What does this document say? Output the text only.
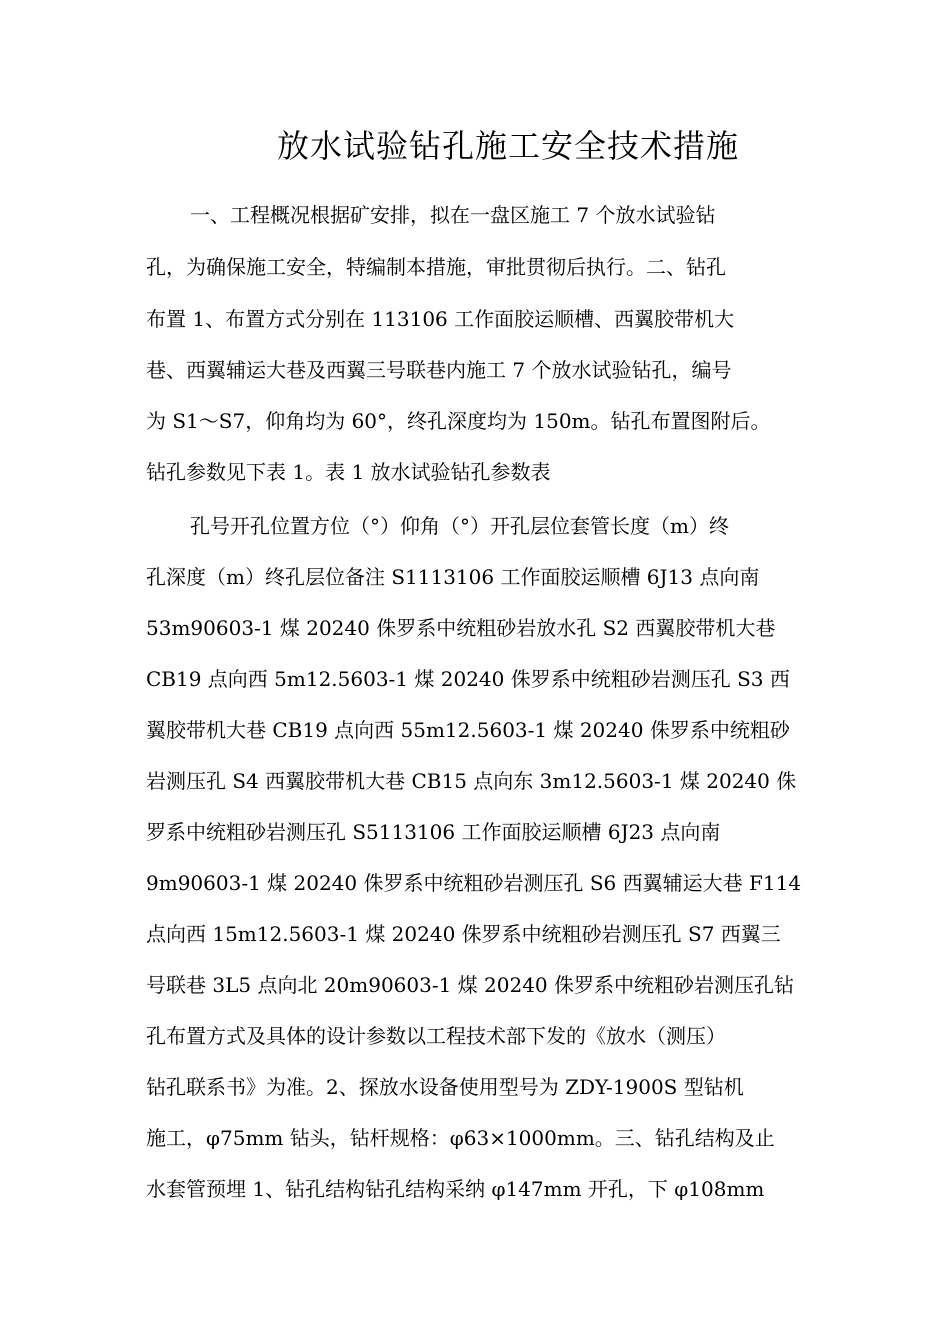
放水试验钻孔施工安全技术措施
一、工程概况根据矿安排，拟在一盘区施工 7 个放水试验钻
孔，为确保施工安全，特编制本措施，审批贯彻后执行。二、钻孔
布置 1、布置方式分别在 113106 工作面胶运顺槽、西翼胶带机大
巷、西翼辅运大巷及西翼三号联巷内施工 7 个放水试验钻孔，编号
为 S1～S7，仰角均为 60°，终孔深度均为 150m。钻孔布置图附后。
钻孔参数见下表 1。表 1 放水试验钻孔参数表
孔号开孔位置方位（°）仰角（°）开孔层位套管长度（m）终
孔深度（m）终孔层位备注 S1113106 工作面胶运顺槽 6J13 点向南
53m90603-1 煤 20240 侏罗系中统粗砂岩放水孔 S2 西翼胶带机大巷
CB19 点向西 5m12.5603-1 煤 20240 侏罗系中统粗砂岩测压孔 S3 西
翼胶带机大巷 CB19 点向西 55m12.5603-1 煤 20240 侏罗系中统粗砂
岩测压孔 S4 西翼胶带机大巷 CB15 点向东 3m12.5603-1 煤 20240 侏
罗系中统粗砂岩测压孔 S5113106 工作面胶运顺槽 6J23 点向南
9m90603-1 煤 20240 侏罗系中统粗砂岩测压孔 S6 西翼辅运大巷 F114
点向西 15m12.5603-1 煤 20240 侏罗系中统粗砂岩测压孔 S7 西翼三
号联巷 3L5 点向北 20m90603-1 煤 20240 侏罗系中统粗砂岩测压孔钻
孔布置方式及具体的设计参数以工程技术部下发的《放水（测压）
钻孔联系书》为准。2、探放水设备使用型号为 ZDY-1900S 型钻机
施工，φ75mm 钻头，钻杆规格：φ63×1000mm。三、钻孔结构及止
水套管预埋 1、钻孔结构钻孔结构采纳 φ147mm 开孔，下 φ108mm
